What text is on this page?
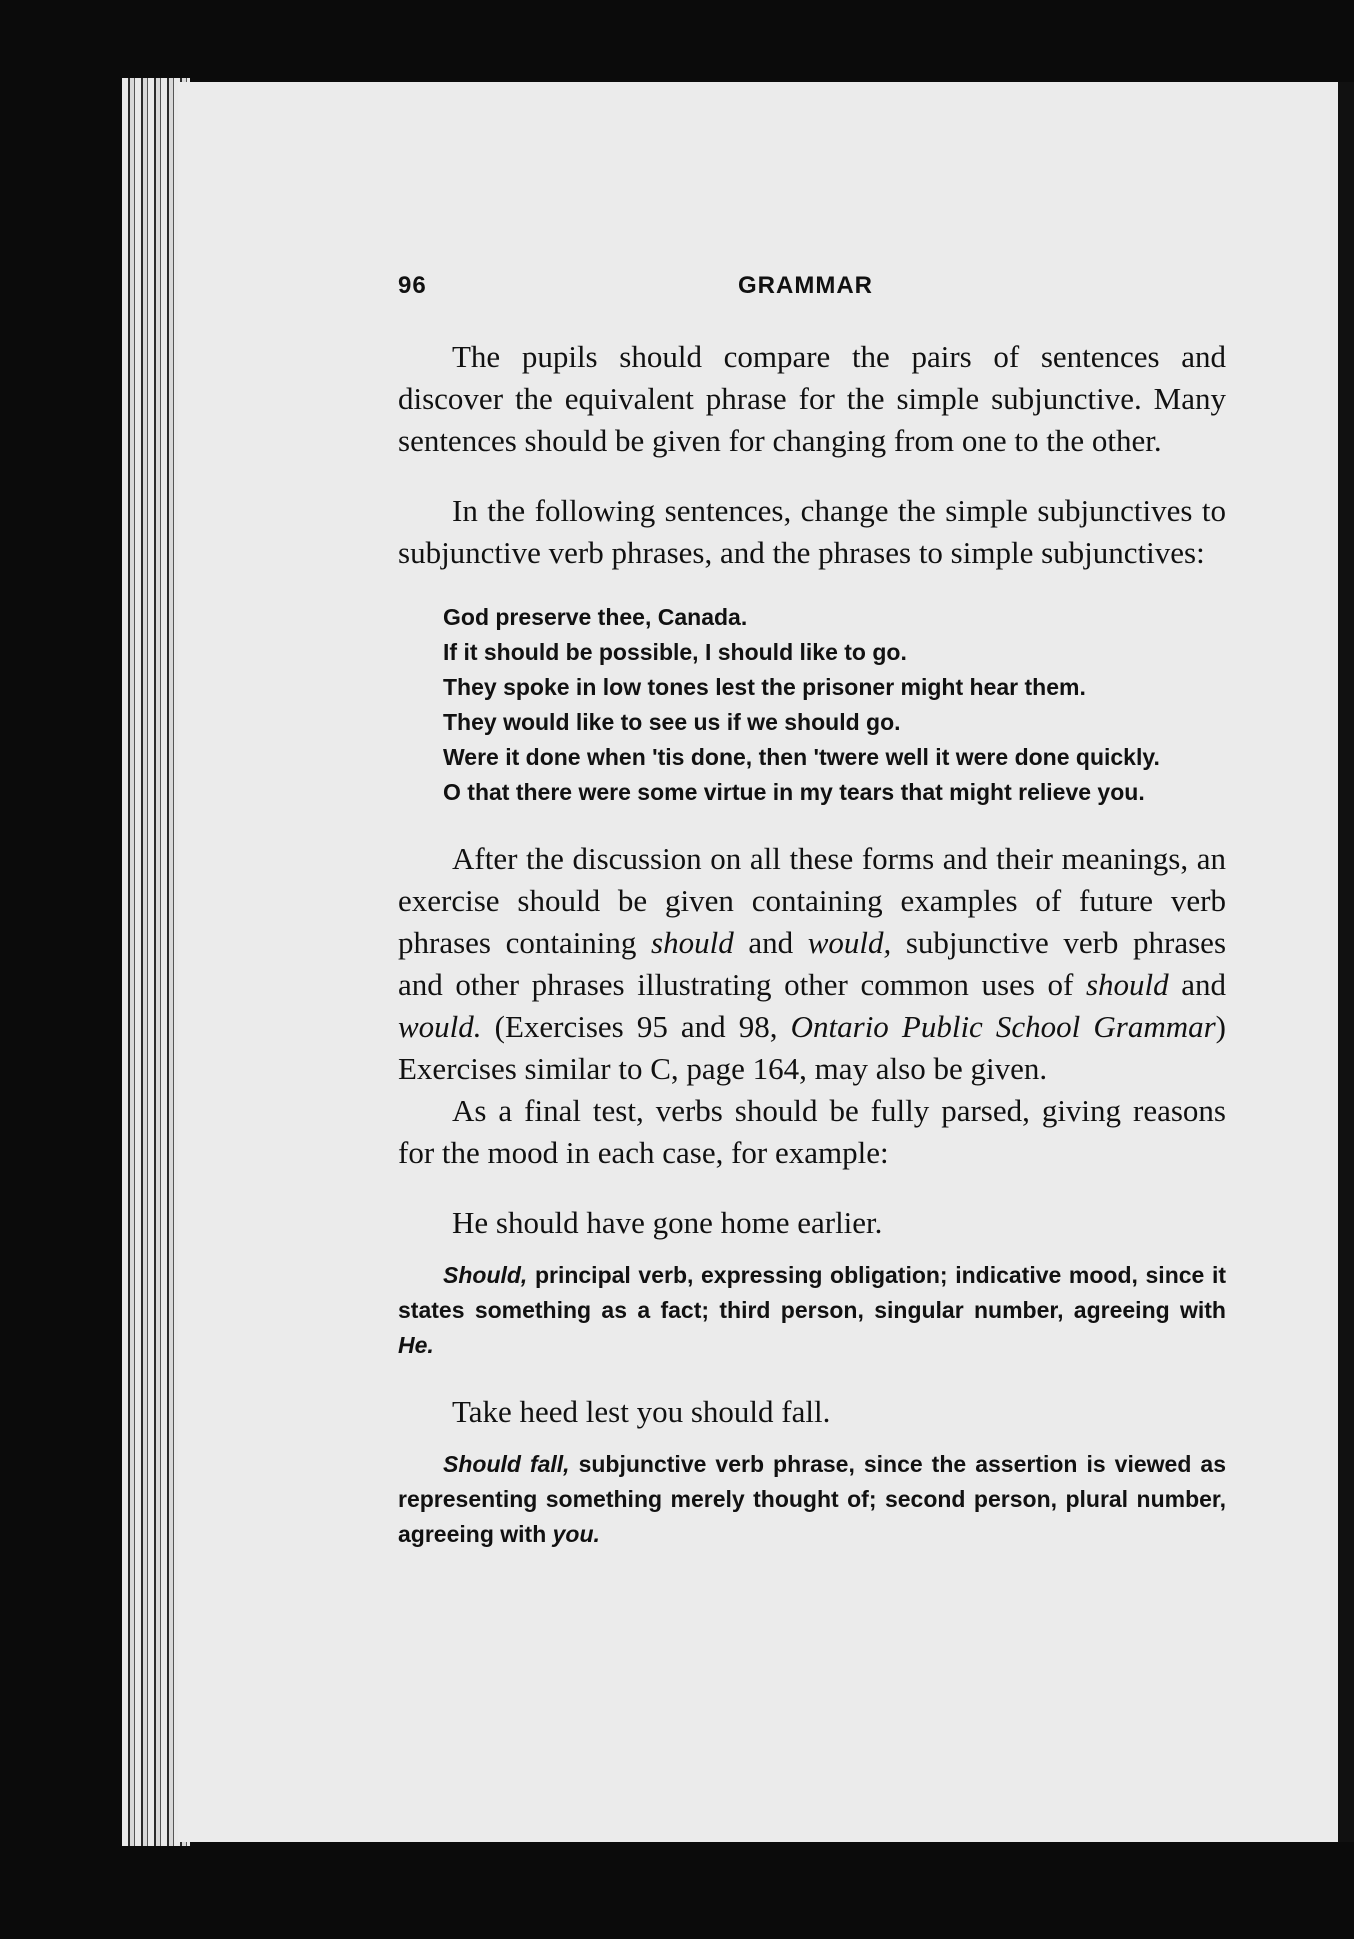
96	GRAMMAR

The pupils should compare the pairs of sentences and discover the equivalent phrase for the simple subjunctive. Many sentences should be given for changing from one to the other.

In the following sentences, change the simple subjunctives to subjunctive verb phrases, and the phrases to simple subjunctives:

God preserve thee, Canada.

If it should be possible, I should like to go.

They spoke in low tones lest the prisoner might hear them.

They would like to see us if we should go.

Were it done when 'tis done, then 'twere well it were done quickly.

O that there were some virtue in my tears that might relieve you.

After the discussion on all these forms and their meanings, an exercise should be given containing examples of future verb phrases containing should and would, subjunctive verb phrases and other phrases illustrating other common uses of should and would. (Exercises 95 and 98, Ontario Public School Grammar) Exercises similar to C, page 164, may also be given.

As a final test, verbs should be fully parsed, giving reasons for the mood in each case, for example:

He should have gone home earlier.

Should, principal verb, expressing obligation; indicative mood, since it states something as a fact; third person, singular number, agreeing with He.

Take heed lest you should fall.

Should fall, subjunctive verb phrase, since the assertion is viewed as representing something merely thought of; second person, plural number, agreeing with you.
